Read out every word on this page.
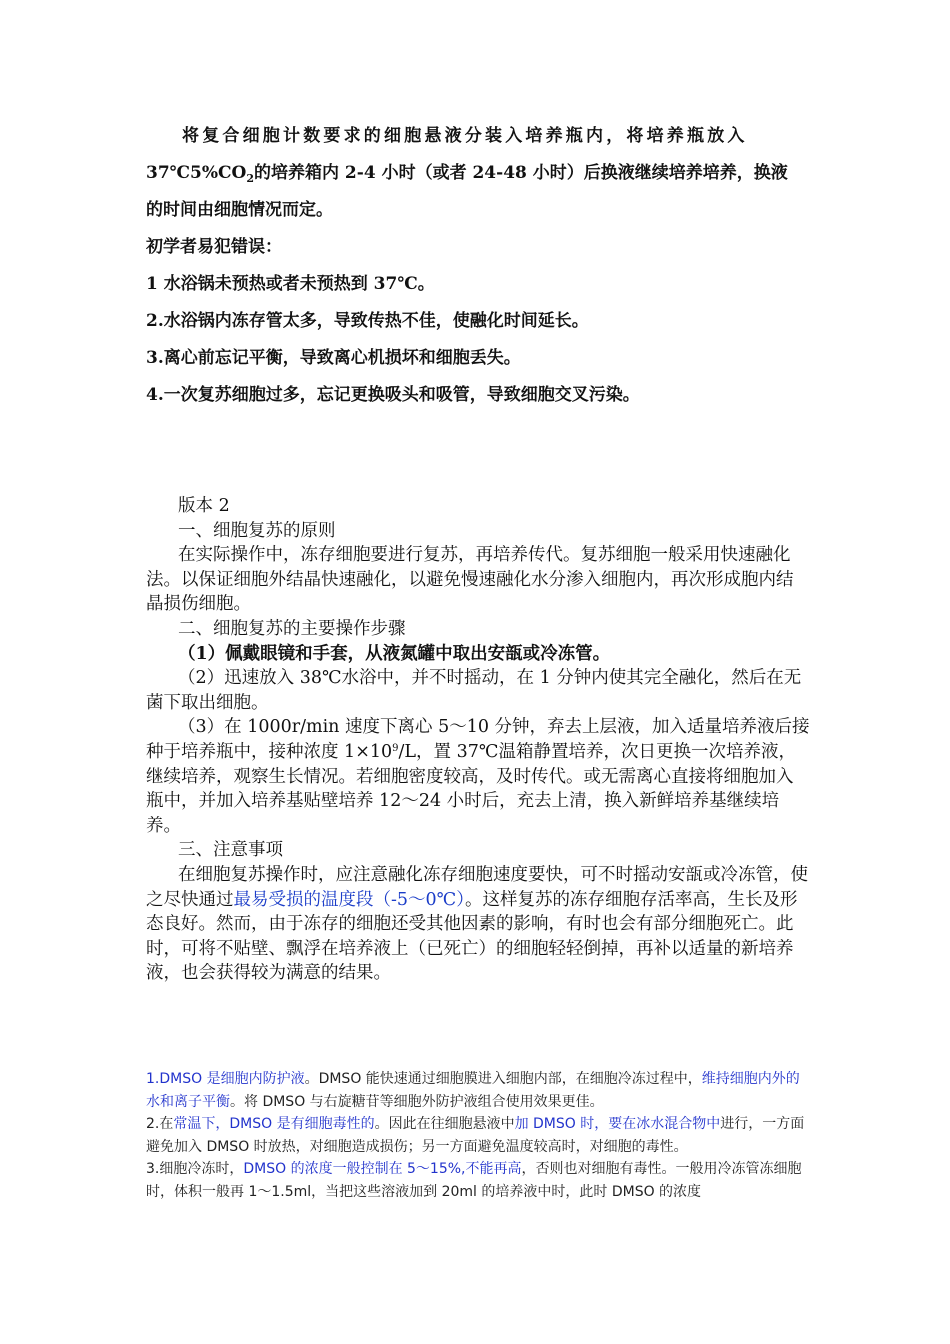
将复合细胞计数要求的细胞悬液分装入培养瓶内，将培养瓶放入
$37℃5\%CO_2$的培养箱内 2-4 小时（或者 24-48 小时）后换液继续培养培养，换液
的时间由细胞情况而定。

初学者易犯错误：

1 水浴锅未预热或者未预热到 37℃。

2.水浴锅内冻存管太多，导致传热不佳，使融化时间延长。

3.离心前忘记平衡，导致离心机损坏和细胞丢失。

4.一次复苏细胞过多，忘记更换吸头和吸管，导致细胞交叉污染。

版本 2

一、细胞复苏的原则

在实际操作中，冻存细胞要进行复苏，再培养传代。复苏细胞一般采用快速融化法。以保证细胞外结晶快速融化，以避免慢速融化水分渗入细胞内，再次形成胞内结晶损伤细胞。

二、细胞复苏的主要操作步骤

（1）佩戴眼镜和手套，从液氮罐中取出安瓿或冷冻管。

（2）迅速放入 38℃水浴中，并不时摇动，在 1 分钟内使其完全融化，然后在无菌下取出细胞。

（3）在 1000r/min 速度下离心 5～10 分钟，弃去上层液，加入适量培养液后接种于培养瓶中，接种浓度 $1\times 10^9/L$，置 37℃温箱静置培养，次日更换一次培养液，继续培养，观察生长情况。若细胞密度较高，及时传代。或无需离心直接将细胞加入瓶中，并加入培养基贴壁培养 12～24 小时后，充去上清，换入新鲜培养基继续培养。

三、注意事项

在细胞复苏操作时，应注意融化冻存细胞速度要快，可不时摇动安瓿或冷冻管，使之尽快通过最易受损的温度段（-5～0℃）。这样复苏的冻存细胞存活率高，生长及形态良好。然而，由于冻存的细胞还受其他因素的影响，有时也会有部分细胞死亡。此时，可将不贴壁、飘浮在培养液上（已死亡）的细胞轻轻倒掉，再补以适量的新培养液，也会获得较为满意的结果。

1.DMSO 是细胞内防护液。DMSO 能快速通过细胞膜进入细胞内部，在细胞冷冻过程中，维持细胞内外的水和离子平衡。将 DMSO 与右旋糖苷等细胞外防护液组合使用效果更佳。

2.在常温下，DMSO 是有细胞毒性的。因此在往细胞悬液中加 DMSO 时，要在冰水混合物中进行，一方面避免加入 DMSO 时放热，对细胞造成损伤；另一方面避免温度较高时，对细胞的毒性。

3.细胞冷冻时，DMSO 的浓度一般控制在 5～15%,不能再高，否则也对细胞有毒性。一般用冷冻管冻细胞时，体积一般再 1～1.5ml，当把这些溶液加到 20ml 的培养液中时，此时 DMSO 的浓度
